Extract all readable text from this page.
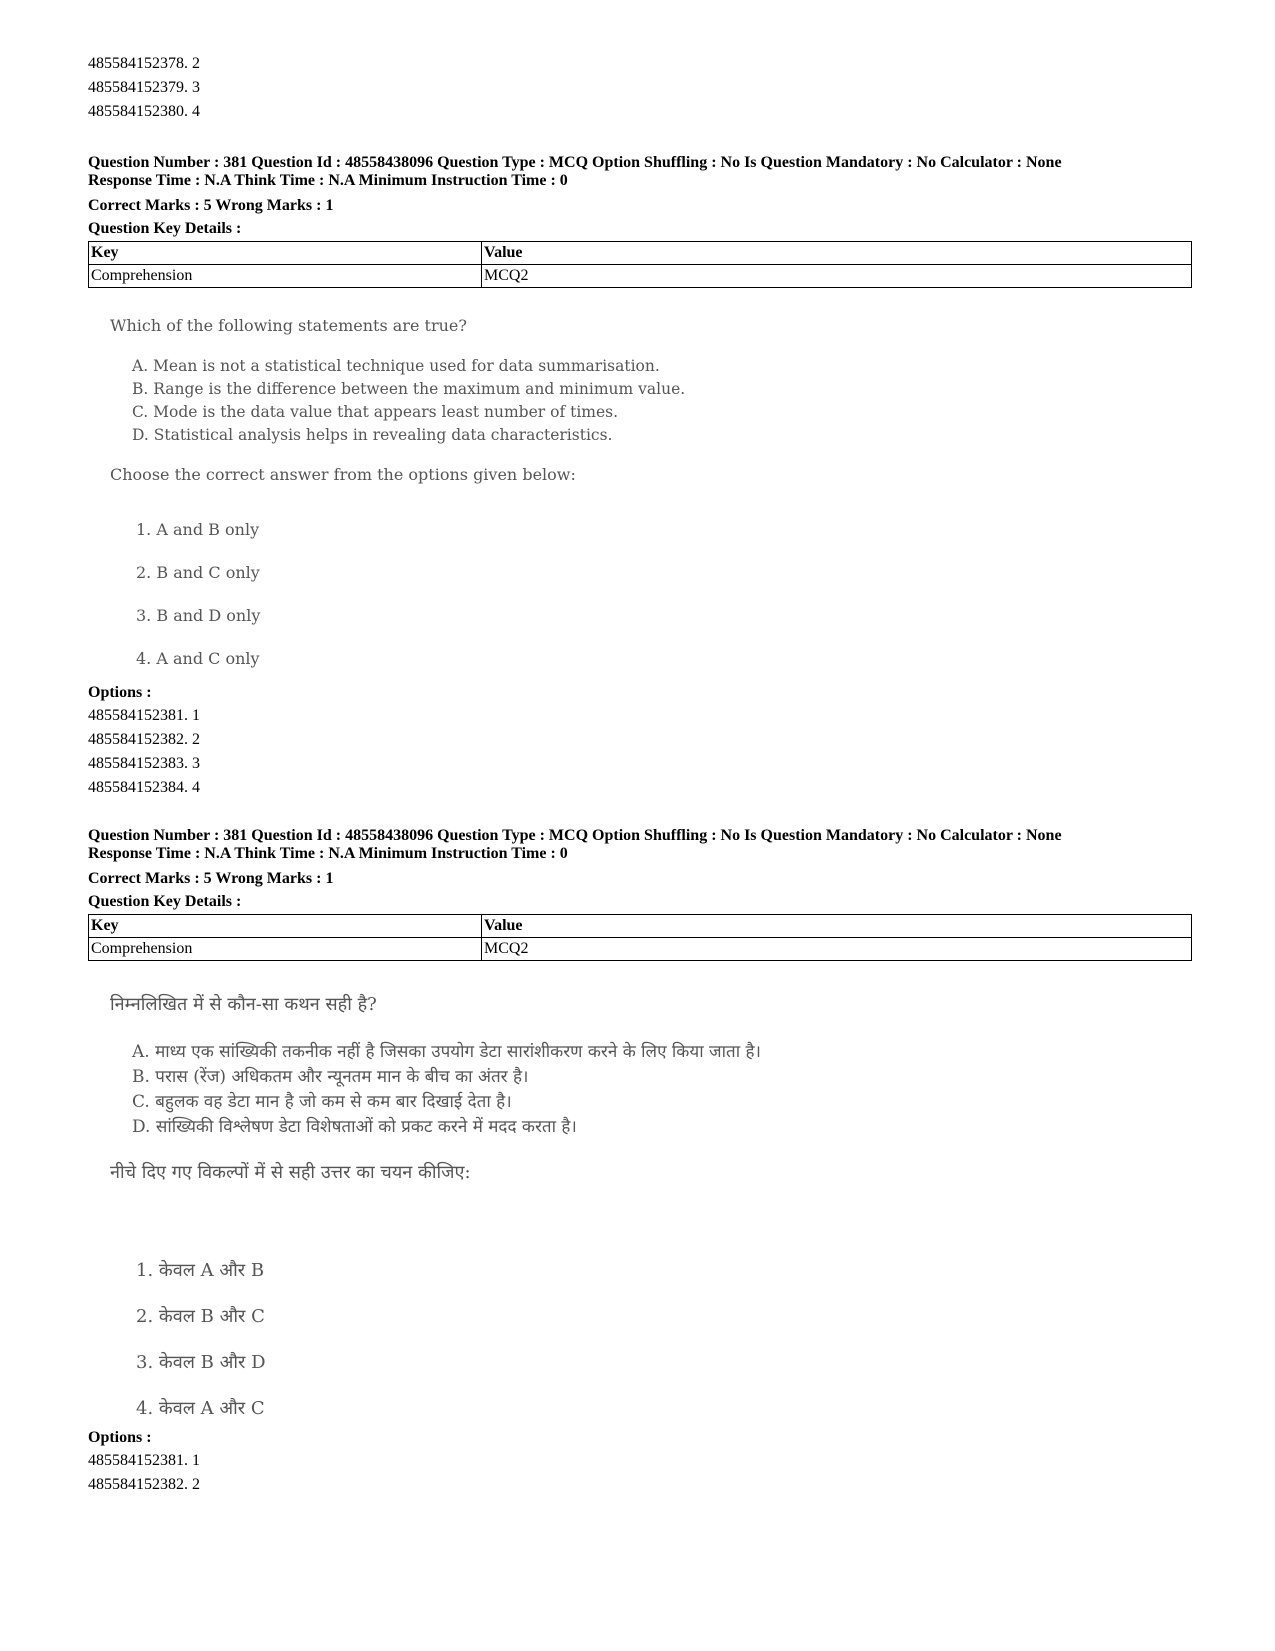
485584152378. 2
485584152379. 3
485584152380. 4
Question Number : 381 Question Id : 48558438096 Question Type : MCQ Option Shuffling : No Is Question Mandatory : No Calculator : None
Response Time : N.A Think Time : N.A Minimum Instruction Time : 0
Correct Marks : 5 Wrong Marks : 1
Question Key Details :
Key	Value
Comprehension	MCQ2

Which of the following statements are true?

A. Mean is not a statistical technique used for data summarisation.

B. Range is the difference between the maximum and minimum value.

C. Mode is the data value that appears least number of times.

D. Statistical analysis helps in revealing data characteristics.

Choose the correct answer from the options given below:

1. A and B only

2. B and C only

3. B and D only

4. A and C only

Options :
485584152381. 1
485584152382. 2
485584152383. 3
485584152384. 4
Question Number : 381 Question Id : 48558438096 Question Type : MCQ Option Shuffling : No Is Question Mandatory : No Calculator : None
Response Time : N.A Think Time : N.A Minimum Instruction Time : 0
Correct Marks : 5 Wrong Marks : 1
Question Key Details :
Key	Value
Comprehension	MCQ2

निम्नलिखित में से कौन-सा कथन सही है?

A. माध्य एक सांख्यिकी तकनीक नहीं है जिसका उपयोग डेटा सारांशीकरण करने के लिए किया जाता है।

B. परास (रेंज) अधिकतम और न्यूनतम मान के बीच का अंतर है।

C. बहुलक वह डेटा मान है जो कम से कम बार दिखाई देता है।

D. सांख्यिकी विश्लेषण डेटा विशेषताओं को प्रकट करने में मदद करता है।

नीचे दिए गए विकल्पों में से सही उत्तर का चयन कीजिए:

1. केवल A और B

2. केवल B और C

3. केवल B और D

4. केवल A और C

Options :
485584152381. 1
485584152382. 2
